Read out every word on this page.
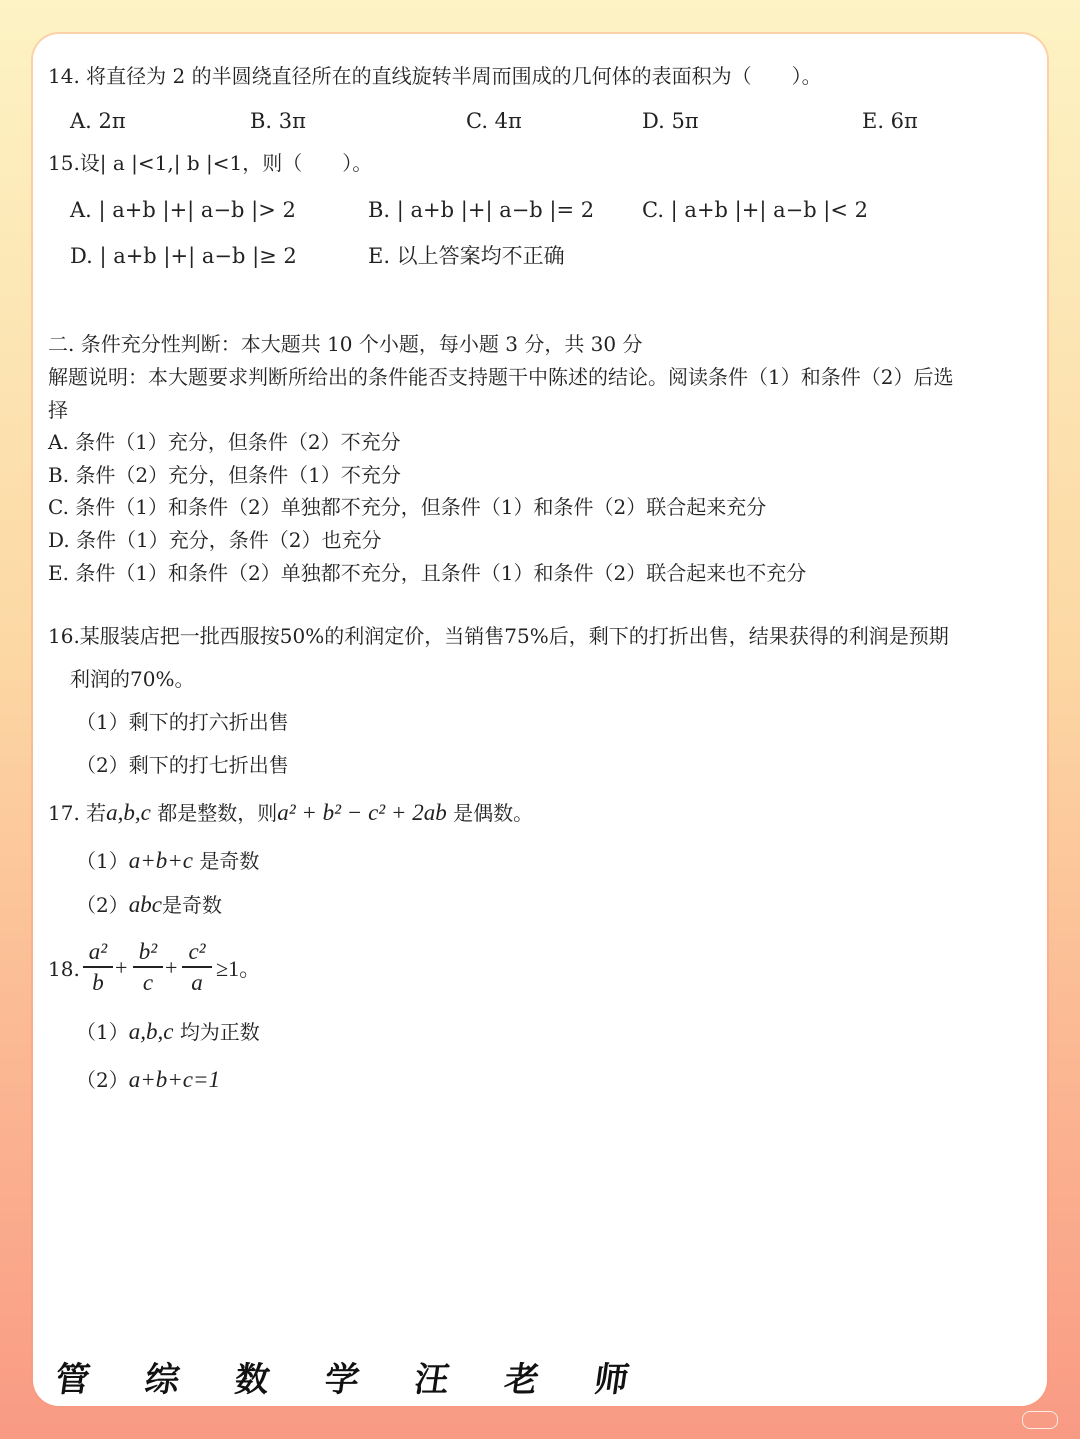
14. 将直径为 2 的半圆绕直径所在的直线旋转半周而围成的几何体的表面积为（　　）。
A. 2π	B. 3π	C. 4π	D. 5π	E. 6π
15.设| a |<1,| b |<1，则（　　）。
A. | a+b |+| a−b |> 2	B. | a+b |+| a−b |= 2 C. | a+b |+| a−b |< 2
D. | a+b |+| a−b |≥ 2	E. 以上答案均不正确
二. 条件充分性判断：本大题共 10 个小题，每小题 3 分，共 30 分
解题说明：本大题要求判断所给出的条件能否支持题干中陈述的结论。阅读条件（1）和条件（2）后选
择
A. 条件（1）充分，但条件（2）不充分
B. 条件（2）充分，但条件（1）不充分
C. 条件（1）和条件（2）单独都不充分，但条件（1）和条件（2）联合起来充分
D. 条件（1）充分，条件（2）也充分
E. 条件（1）和条件（2）单独都不充分，且条件（1）和条件（2）联合起来也不充分
16.某服装店把一批西服按50%的利润定价，当销售75%后，剩下的打折出售，结果获得的利润是预期
利润的70%。
（1）剩下的打六折出售
（2）剩下的打七折出售
17. 若a,b,c 都是整数，则a² + b² − c² + 2ab 是偶数。
（1）a+b+c 是奇数
（2）abc是奇数
18.
a²
b
+
b²
c
+
c²
a
≥1。
（1）a,b,c 均为正数
（2）a+b+c=1
管 综 数 学 汪 老 师
